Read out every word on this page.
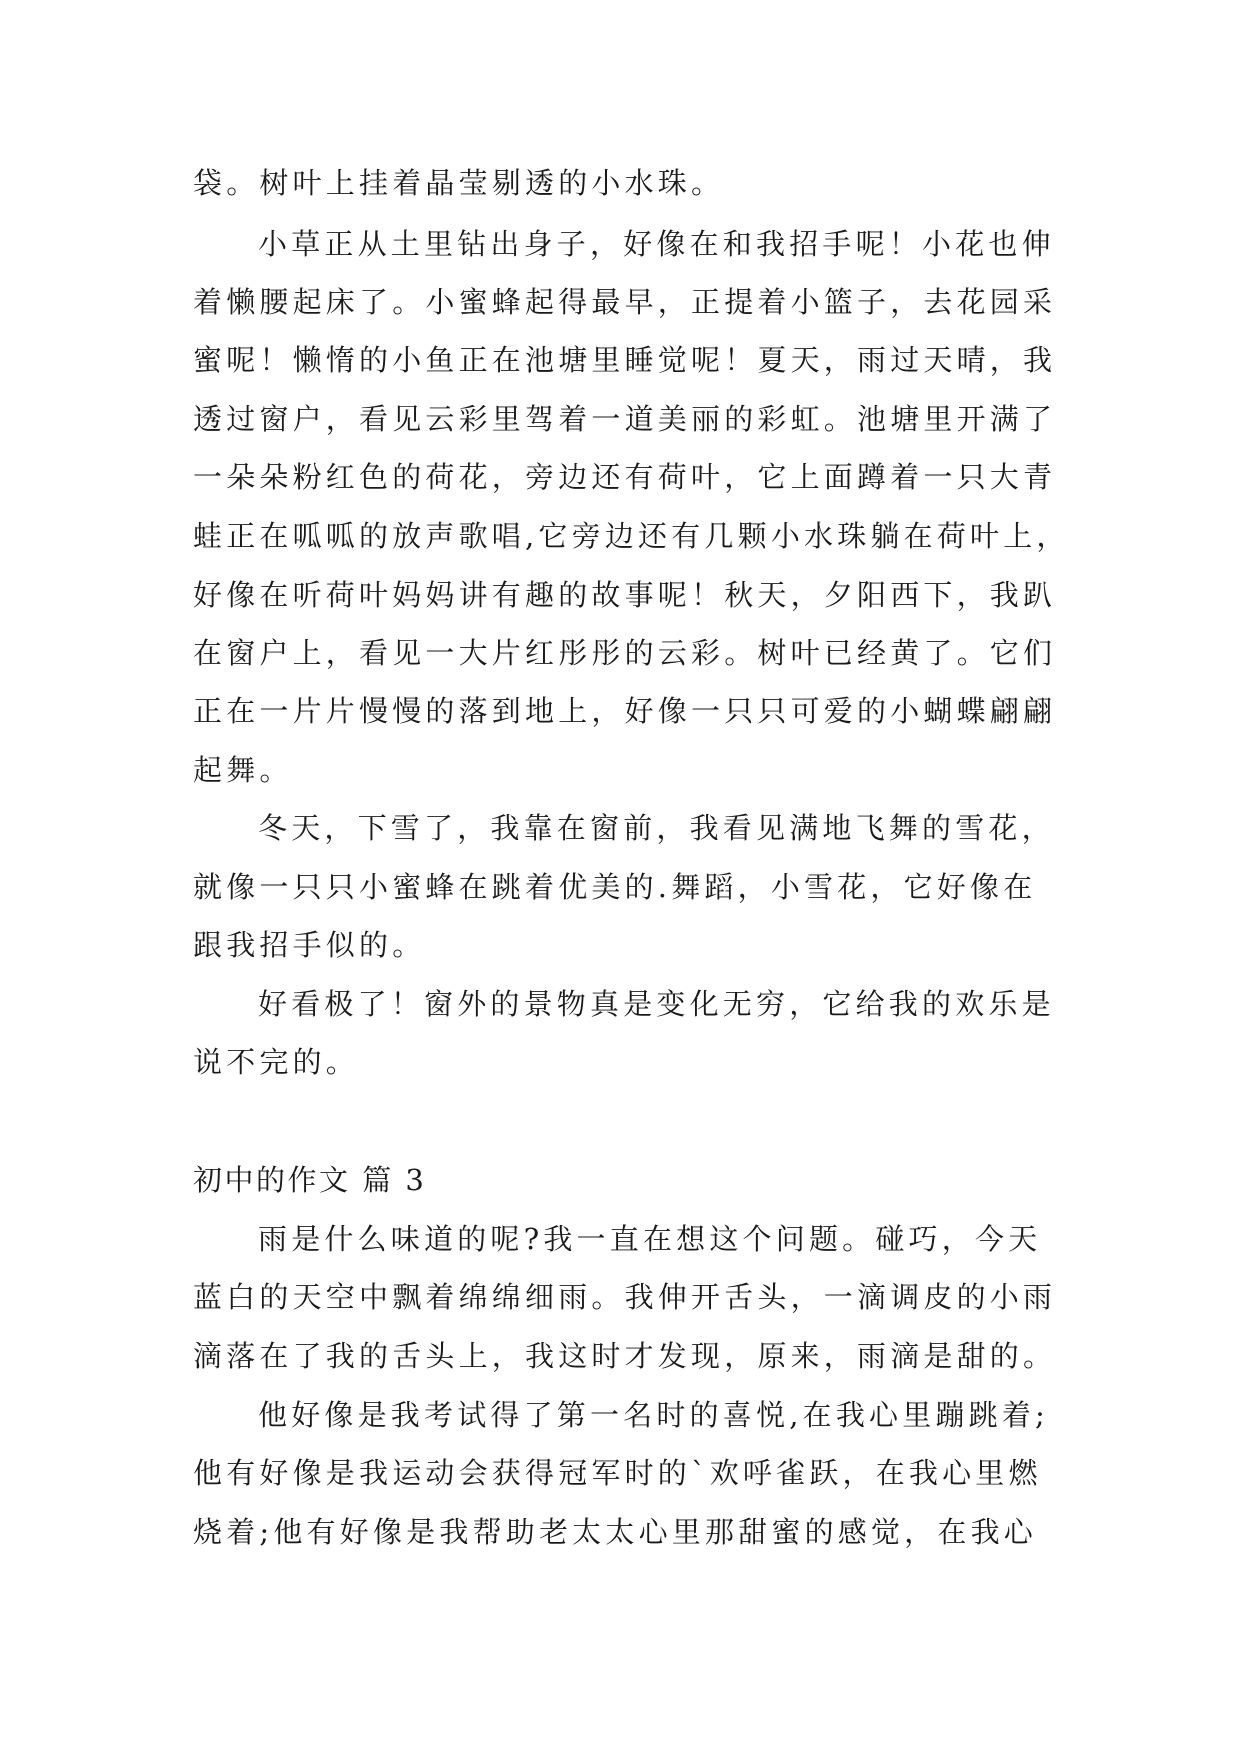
袋。树叶上挂着晶莹剔透的小水珠。
小草正从土里钻出身子，好像在和我招手呢！小花也伸
着懒腰起床了。小蜜蜂起得最早，正提着小篮子，去花园采
蜜呢！懒惰的小鱼正在池塘里睡觉呢！夏天，雨过天晴，我
透过窗户，看见云彩里驾着一道美丽的彩虹。池塘里开满了
一朵朵粉红色的荷花，旁边还有荷叶，它上面蹲着一只大青
蛙正在呱呱的放声歌唱,它旁边还有几颗小水珠躺在荷叶上，
好像在听荷叶妈妈讲有趣的故事呢！秋天，夕阳西下，我趴
在窗户上，看见一大片红彤彤的云彩。树叶已经黄了。它们
正在一片片慢慢的落到地上，好像一只只可爱的小蝴蝶翩翩
起舞。
冬天，下雪了，我靠在窗前，我看见满地飞舞的雪花，
就像一只只小蜜蜂在跳着优美的.舞蹈，小雪花，它好像在
跟我招手似的。
好看极了！窗外的景物真是变化无穷，它给我的欢乐是
说不完的。
初中的作文 篇 3
雨是什么味道的呢?我一直在想这个问题。碰巧，今天
蓝白的天空中飘着绵绵细雨。我伸开舌头，一滴调皮的小雨
滴落在了我的舌头上，我这时才发现，原来，雨滴是甜的。
他好像是我考试得了第一名时的喜悦,在我心里蹦跳着;
他有好像是我运动会获得冠军时的`欢呼雀跃，在我心里燃
烧着;他有好像是我帮助老太太心里那甜蜜的感觉，在我心
